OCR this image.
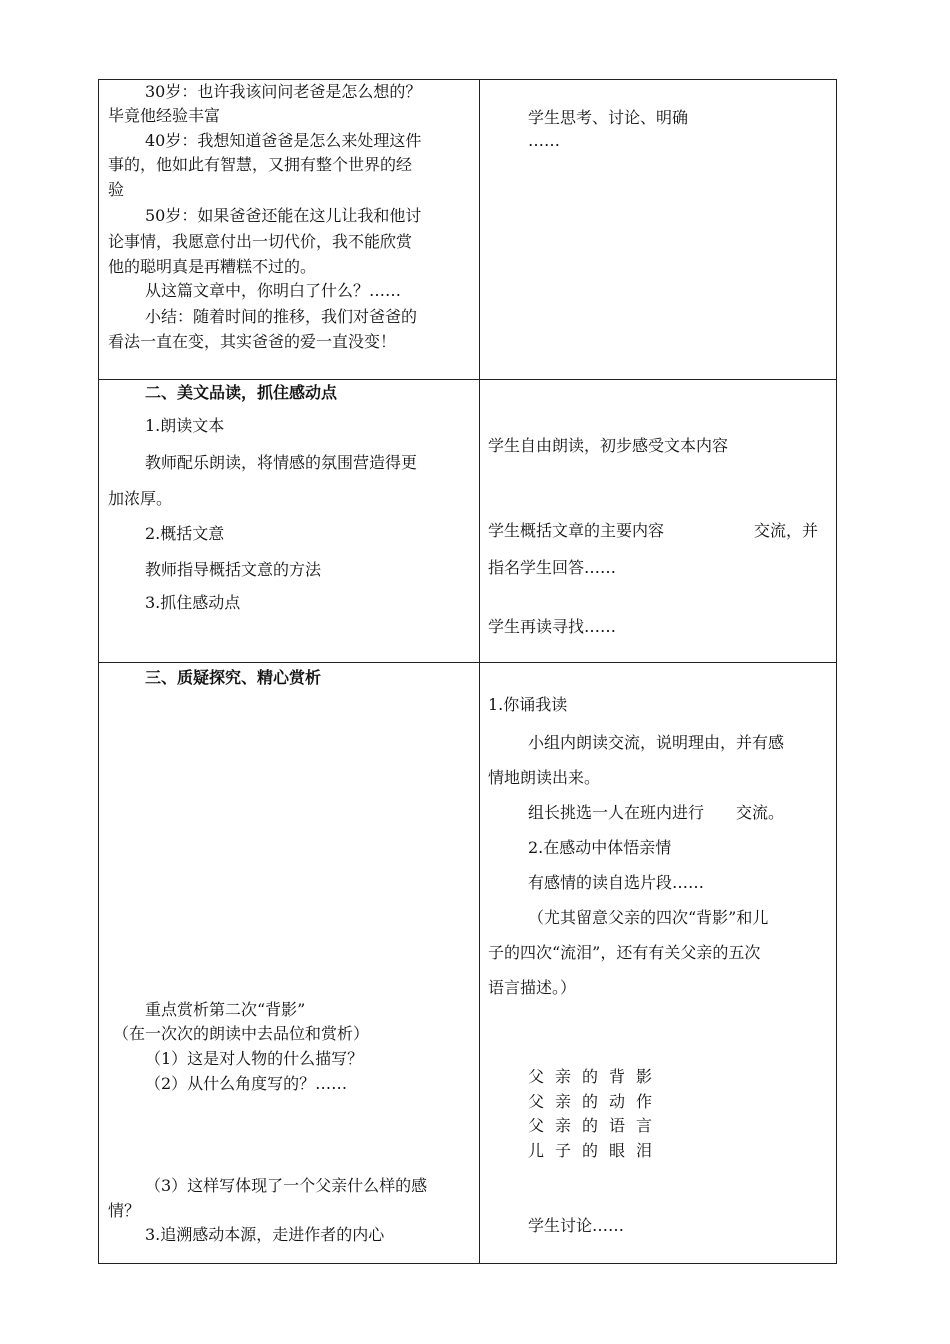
30岁：也许我该问问老爸是怎么想的？
毕竟他经验丰富
40岁：我想知道爸爸是怎么来处理这件
事的，他如此有智慧，又拥有整个世界的经
验
50岁：如果爸爸还能在这儿让我和他讨
论事情，我愿意付出一切代价，我不能欣赏
他的聪明真是再糟糕不过的。
从这篇文章中，你明白了什么？……
小结：随着时间的推移，我们对爸爸的
看法一直在变，其实爸爸的爱一直没变！
学生思考、讨论、明确
……
二、美文品读，抓住感动点
1.朗读文本
教师配乐朗读，将情感的氛围营造得更
加浓厚。
2.概括文意
教师指导概括文意的方法
3.抓住感动点
学生自由朗读，初步感受文本内容
学生概括文章的主要内容	交流，并
指名学生回答……
学生再读寻找……
三、质疑探究、精心赏析
重点赏析第二次“背影”
（在一次次的朗读中去品位和赏析）
（1）这是对人物的什么描写？
（2）从什么角度写的？……
（3）这样写体现了一个父亲什么样的感
情？
3.追溯感动本源，走进作者的内心
1.你诵我读
小组内朗读交流，说明理由，并有感
情地朗读出来。
组长挑选一人在班内进行 交流。
2.在感动中体悟亲情
有感情的读自选片段……
（尤其留意父亲的四次“背影”和儿
子的四次“流泪”，还有有关父亲的五次
语言描述。）
父亲的背影
父亲的动作
父亲的语言
儿子的眼泪
学生讨论……
